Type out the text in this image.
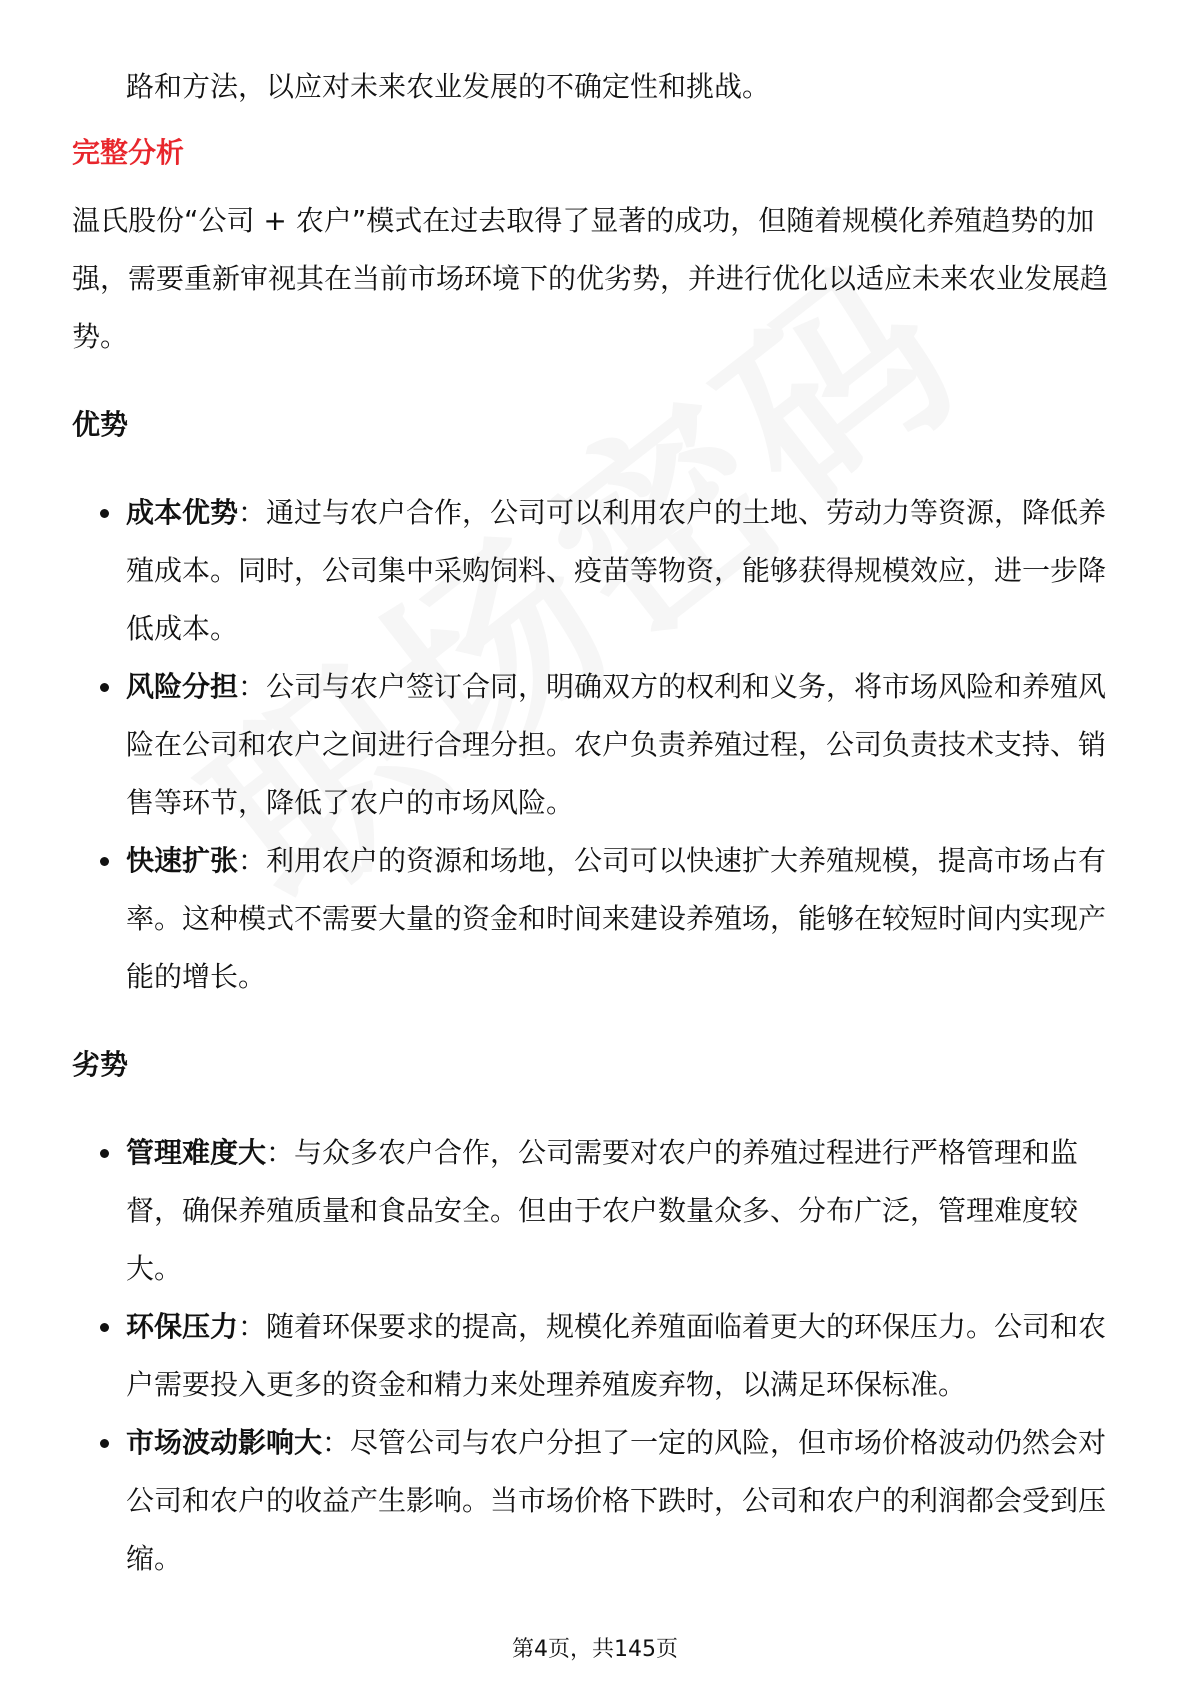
路和方法，以应对未来农业发展的不确定性和挑战。

完整分析

温氏股份“公司 + 农户”模式在过去取得了显著的成功，但随着规模化养殖趋势的加强，需要重新审视其在当前市场环境下的优劣势，并进行优化以适应未来农业发展趋势。

优势
成本优势：通过与农户合作，公司可以利用农户的土地、劳动力等资源，降低养殖成本。同时，公司集中采购饲料、疫苗等物资，能够获得规模效应，进一步降低成本。
风险分担：公司与农户签订合同，明确双方的权利和义务，将市场风险和养殖风险在公司和农户之间进行合理分担。农户负责养殖过程，公司负责技术支持、销售等环节，降低了农户的市场风险。
快速扩张：利用农户的资源和场地，公司可以快速扩大养殖规模，提高市场占有率。这种模式不需要大量的资金和时间来建设养殖场，能够在较短时间内实现产能的增长。
劣势
管理难度大：与众多农户合作，公司需要对农户的养殖过程进行严格管理和监督，确保养殖质量和食品安全。但由于农户数量众多、分布广泛，管理难度较大。
环保压力：随着环保要求的提高，规模化养殖面临着更大的环保压力。公司和农户需要投入更多的资金和精力来处理养殖废弃物，以满足环保标准。
市场波动影响大：尽管公司与农户分担了一定的风险，但市场价格波动仍然会对公司和农户的收益产生影响。当市场价格下跌时，公司和农户的利润都会受到压缩。
第4页，共145页
